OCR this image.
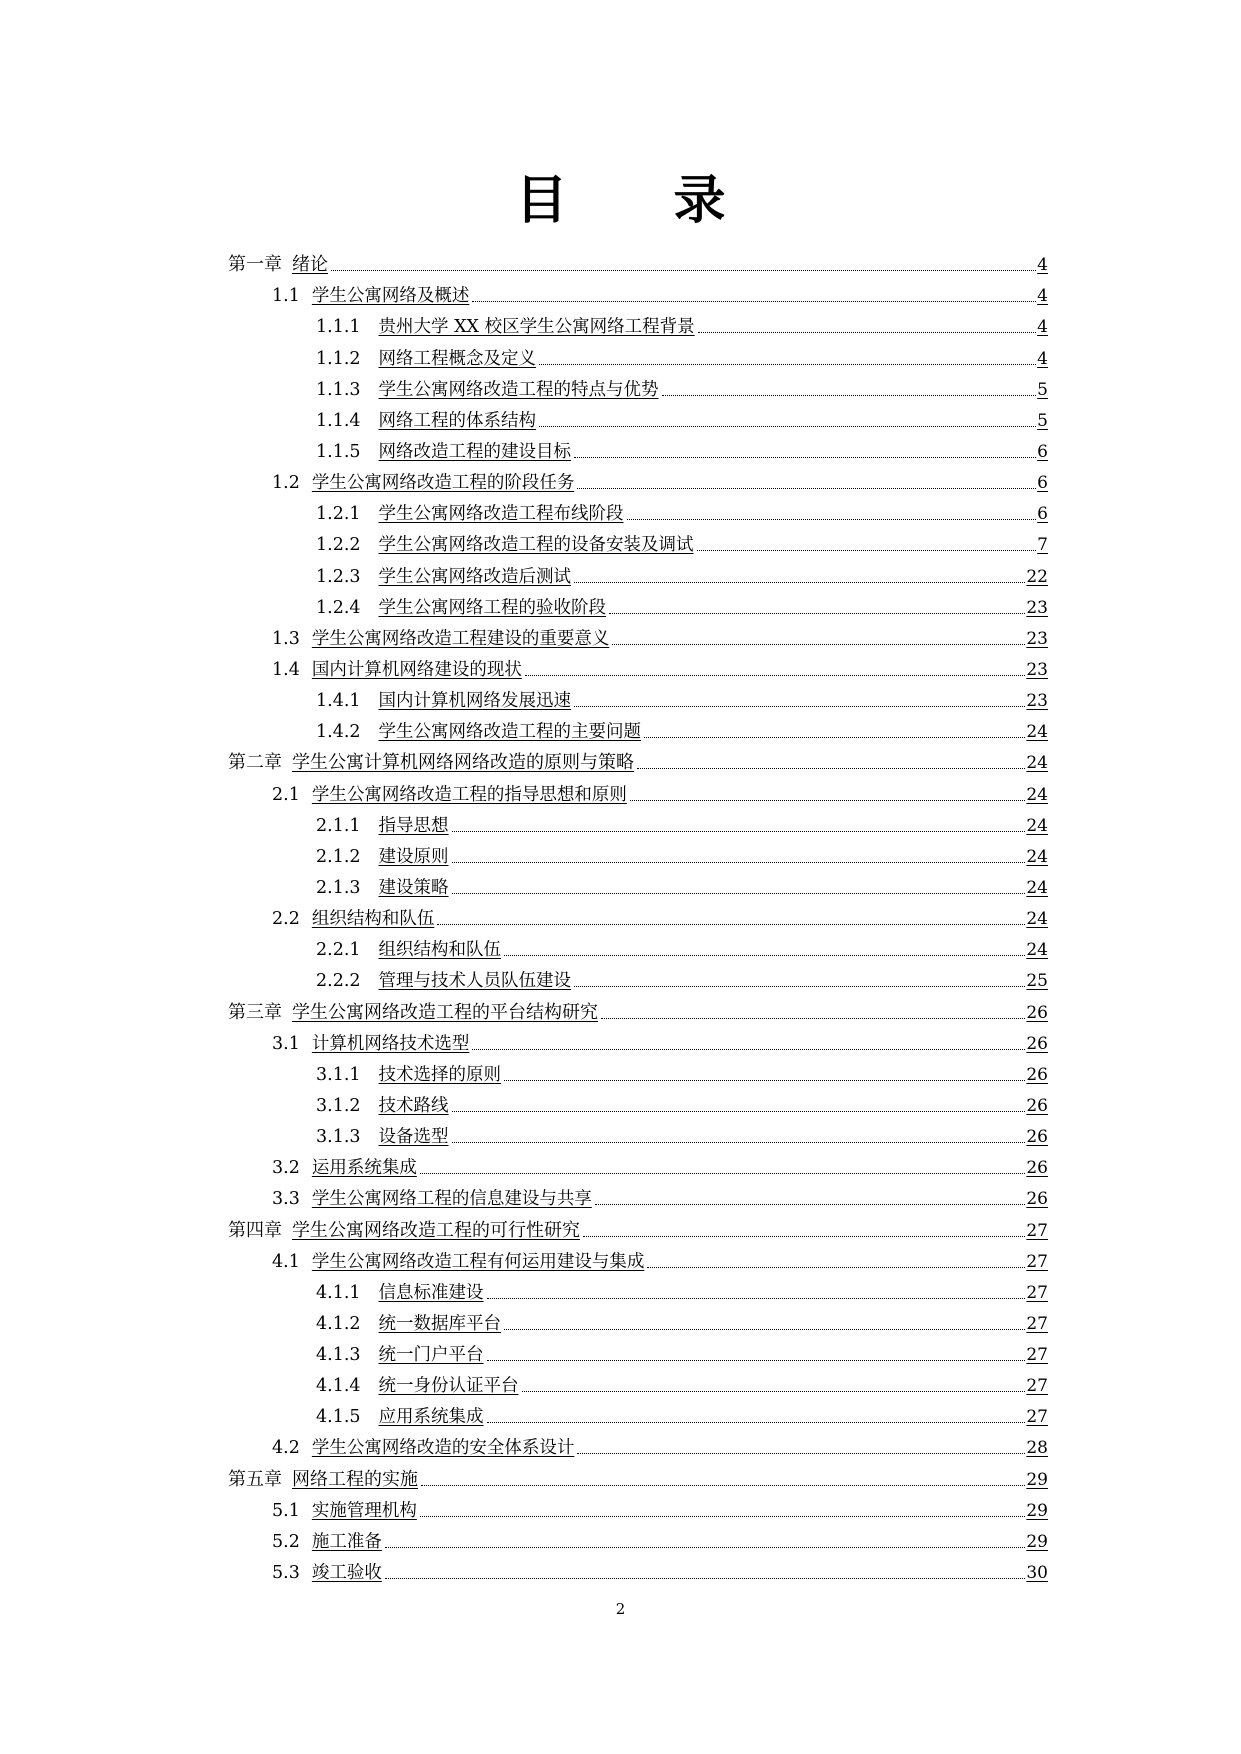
目 录
第一章 绪论	4
1.1 学生公寓网络及概述	4
1.1.1 贵州大学 XX 校区学生公寓网络工程背景	4
1.1.2 网络工程概念及定义	4
1.1.3 学生公寓网络改造工程的特点与优势	5
1.1.4 网络工程的体系结构	5
1.1.5 网络改造工程的建设目标	6
1.2 学生公寓网络改造工程的阶段任务	6
1.2.1 学生公寓网络改造工程布线阶段	6
1.2.2 学生公寓网络改造工程的设备安装及调试	7
1.2.3 学生公寓网络改造后测试	22
1.2.4 学生公寓网络工程的验收阶段	23
1.3 学生公寓网络改造工程建设的重要意义	23
1.4 国内计算机网络建设的现状	23
1.4.1 国内计算机网络发展迅速	23
1.4.2 学生公寓网络改造工程的主要问题	24
第二章 学生公寓计算机网络网络改造的原则与策略	24
2.1 学生公寓网络改造工程的指导思想和原则	24
2.1.1 指导思想	24
2.1.2 建设原则	24
2.1.3 建设策略	24
2.2 组织结构和队伍	24
2.2.1 组织结构和队伍	24
2.2.2 管理与技术人员队伍建设	25
第三章 学生公寓网络改造工程的平台结构研究	26
3.1 计算机网络技术选型	26
3.1.1 技术选择的原则	26
3.1.2 技术路线	26
3.1.3 设备选型	26
3.2 运用系统集成	26
3.3 学生公寓网络工程的信息建设与共享	26
第四章 学生公寓网络改造工程的可行性研究	27
4.1 学生公寓网络改造工程有何运用建设与集成	27
4.1.1 信息标准建设	27
4.1.2 统一数据库平台	27
4.1.3 统一门户平台	27
4.1.4 统一身份认证平台	27
4.1.5 应用系统集成	27
4.2 学生公寓网络改造的安全体系设计	28
第五章 网络工程的实施	29
5.1 实施管理机构	29
5.2 施工准备	29
5.3 竣工验收	30
2
